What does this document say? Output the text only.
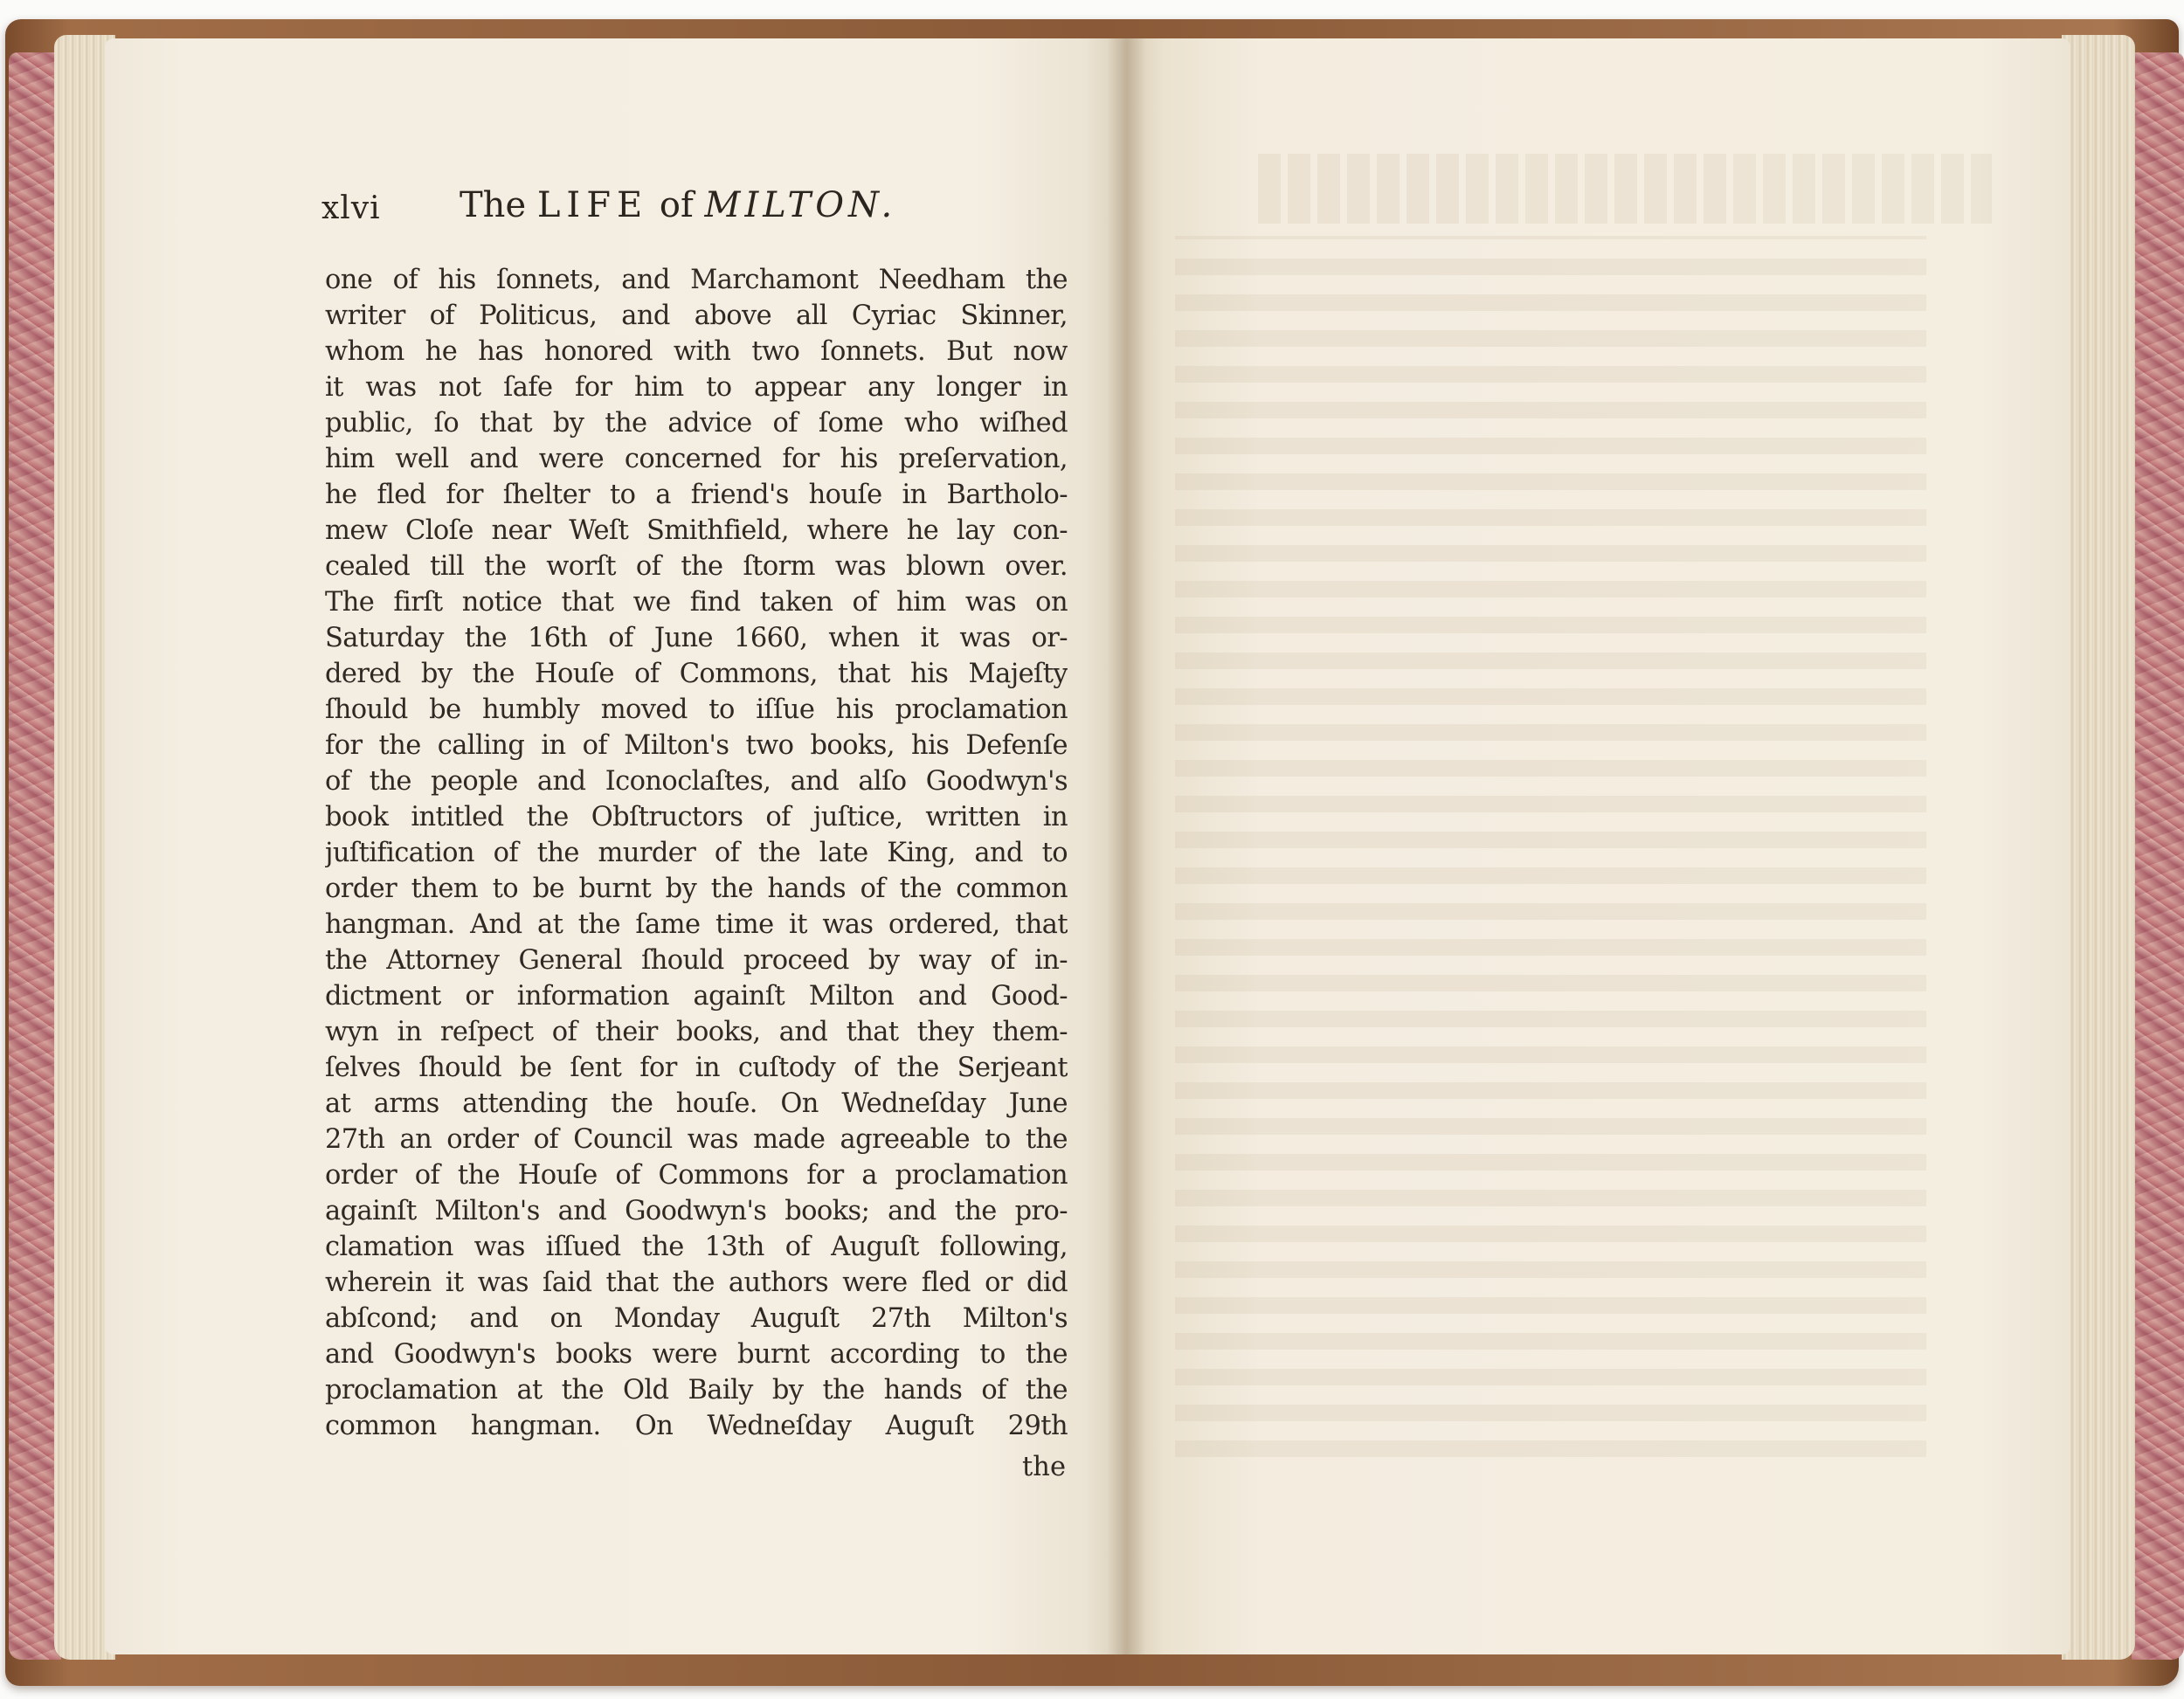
xlvi The LIFE of MILTON.
one of his ſonnets, and Marchamont Needham the
writer of Politicus, and above all Cyriac Skinner,
whom he has honored with two ſonnets. But now
it was not ſafe for him to appear any longer in
public, ſo that by the advice of ſome who wiſhed
him well and were concerned for his preſervation,
he fled for ſhelter to a friend's houſe in Bartholo-
mew Cloſe near Weſt Smithfield, where he lay con-
cealed till the worſt of the ſtorm was blown over.
The firſt notice that we find taken of him was on
Saturday the 16th of June 1660, when it was or-
dered by the Houſe of Commons, that his Majeſty
ſhould be humbly moved to iſſue his proclamation
for the calling in of Milton's two books, his Defenſe
of the people and Iconoclaſtes, and alſo Goodwyn's
book intitled the Obſtructors of juſtice, written in
juſtification of the murder of the late King, and to
order them to be burnt by the hands of the common
hangman. And at the ſame time it was ordered, that
the Attorney General ſhould proceed by way of in-
dictment or information againſt Milton and Good-
wyn in reſpect of their books, and that they them-
ſelves ſhould be ſent for in cuſtody of the Serjeant
at arms attending the houſe. On Wedneſday June
27th an order of Council was made agreeable to the
order of the Houſe of Commons for a proclamation
againſt Milton's and Goodwyn's books; and the pro-
clamation was iſſued the 13th of Auguſt following,
wherein it was ſaid that the authors were fled or did
abſcond; and on Monday Auguſt 27th Milton's
and Goodwyn's books were burnt according to the
proclamation at the Old Baily by the hands of the
common hangman. On Wedneſday Auguſt 29th
the
